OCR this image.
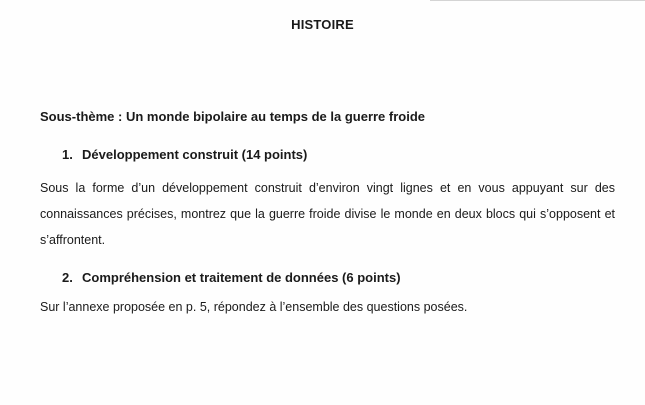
HISTOIRE
Sous-thème : Un monde bipolaire au temps de la guerre froide
1. Développement construit (14 points)
Sous la forme d’un développement construit d’environ vingt lignes et en vous appuyant sur des connaissances précises, montrez que la guerre froide divise le monde en deux blocs qui s’opposent et s’affrontent.
2. Compréhension et traitement de données (6 points)
Sur l’annexe proposée en p. 5, répondez à l’ensemble des questions posées.
